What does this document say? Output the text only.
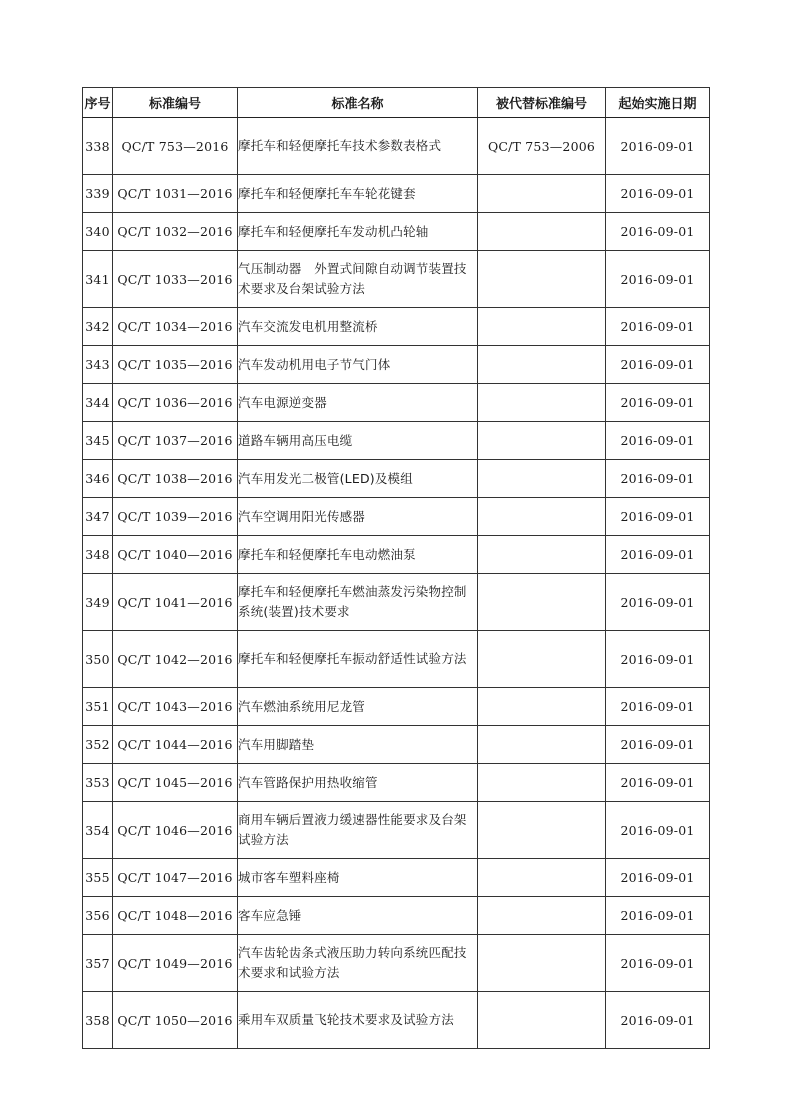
序号	标准编号	标准名称	被代替标准编号	起始实施日期
338	QC/T 753—2016	摩托车和轻便摩托车技术参数表格式	QC/T 753—2006	2016-09-01
339	QC/T 1031—2016	摩托车和轻便摩托车车轮花键套		2016-09-01
340	QC/T 1032—2016	摩托车和轻便摩托车发动机凸轮轴		2016-09-01
341	QC/T 1033—2016	气压制动器　外置式间隙自动调节装置技术要求及台架试验方法		2016-09-01
342	QC/T 1034—2016	汽车交流发电机用整流桥		2016-09-01
343	QC/T 1035—2016	汽车发动机用电子节气门体		2016-09-01
344	QC/T 1036—2016	汽车电源逆变器		2016-09-01
345	QC/T 1037—2016	道路车辆用高压电缆		2016-09-01
346	QC/T 1038—2016	汽车用发光二极管(LED)及模组		2016-09-01
347	QC/T 1039—2016	汽车空调用阳光传感器		2016-09-01
348	QC/T 1040—2016	摩托车和轻便摩托车电动燃油泵		2016-09-01
349	QC/T 1041—2016	摩托车和轻便摩托车燃油蒸发污染物控制系统(装置)技术要求		2016-09-01
350	QC/T 1042—2016	摩托车和轻便摩托车振动舒适性试验方法		2016-09-01
351	QC/T 1043—2016	汽车燃油系统用尼龙管		2016-09-01
352	QC/T 1044—2016	汽车用脚踏垫		2016-09-01
353	QC/T 1045—2016	汽车管路保护用热收缩管		2016-09-01
354	QC/T 1046—2016	商用车辆后置液力缓速器性能要求及台架试验方法		2016-09-01
355	QC/T 1047—2016	城市客车塑料座椅		2016-09-01
356	QC/T 1048—2016	客车应急锤		2016-09-01
357	QC/T 1049—2016	汽车齿轮齿条式液压助力转向系统匹配技术要求和试验方法		2016-09-01
358	QC/T 1050—2016	乘用车双质量飞轮技术要求及试验方法		2016-09-01
